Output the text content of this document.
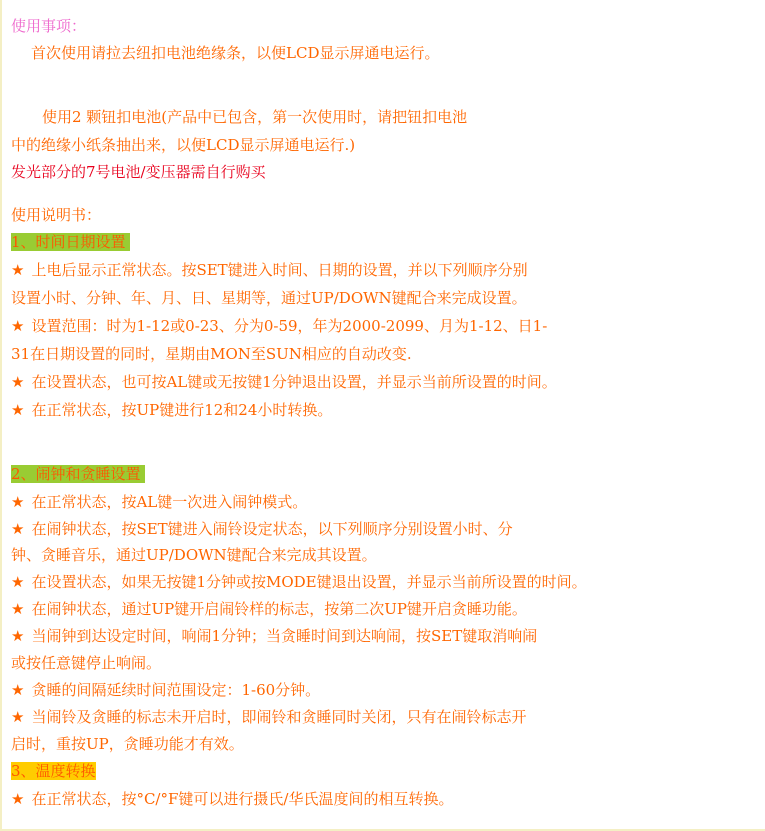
使用事项：
首次使用请拉去纽扣电池绝缘条，以便LCD显示屏通电运行。
使用2 颗钮扣电池(产品中已包含，第一次使用时，请把钮扣电池
中的绝缘小纸条抽出来，以便LCD显示屏通电运行.)
发光部分的7号电池/变压器需自行购买
使用说明书：
1、时间日期设置
★ 上电后显示正常状态。按SET键进入时间、日期的设置，并以下列顺序分别
设置小时、分钟、年、月、日、星期等，通过UP/DOWN键配合来完成设置。
★ 设置范围：时为1-12或0-23、分为0-59，年为2000-2099、月为1-12、日1-
31在日期设置的同时，星期由MON至SUN相应的自动改变.
★ 在设置状态，也可按AL键或无按键1分钟退出设置，并显示当前所设置的时间。
★ 在正常状态，按UP键进行12和24小时转换。
2、闹钟和贪睡设置
★ 在正常状态，按AL键一次进入闹钟模式。
★ 在闹钟状态，按SET键进入闹铃设定状态，以下列顺序分别设置小时、分
钟、贪睡音乐，通过UP/DOWN键配合来完成其设置。
★ 在设置状态，如果无按键1分钟或按MODE键退出设置，并显示当前所设置的时间。
★ 在闹钟状态，通过UP键开启闹铃样的标志，按第二次UP键开启贪睡功能。
★ 当闹钟到达设定时间，响闹1分钟；当贪睡时间到达响闹，按SET键取消响闹
或按任意键停止响闹。
★ 贪睡的间隔延续时间范围设定：1-60分钟。
★ 当闹铃及贪睡的标志未开启时，即闹铃和贪睡同时关闭，只有在闹铃标志开
启时，重按UP，贪睡功能才有效。
3、温度转换
★ 在正常状态，按°C/°F键可以进行摄氏/华氏温度间的相互转换。
